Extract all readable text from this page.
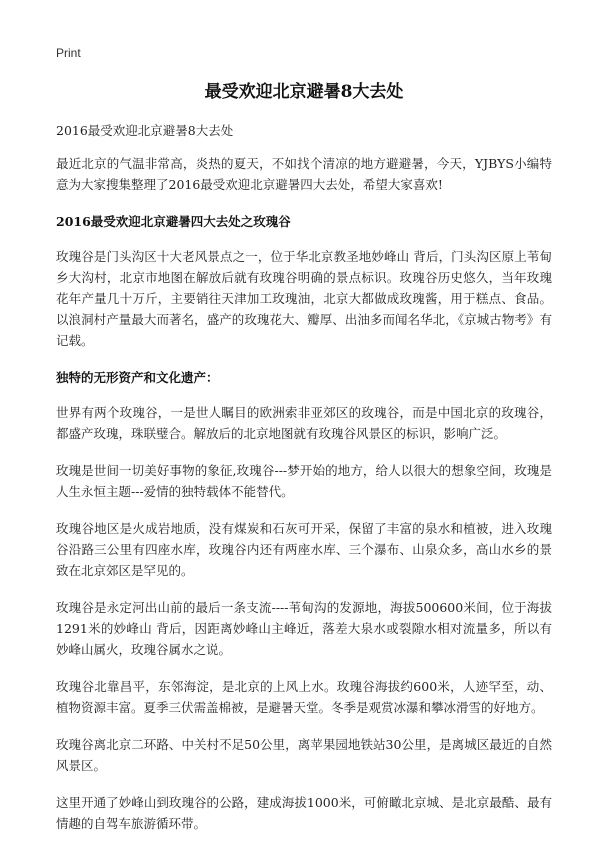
Print
最受欢迎北京避暑8大去处

2016最受欢迎北京避暑8大去处

最近北京的气温非常高，炎热的夏天，不如找个清凉的地方避避暑，今天，YJBYS小编特意为大家搜集整理了2016最受欢迎北京避暑四大去处，希望大家喜欢!

2016最受欢迎北京避暑四大去处之玫瑰谷

玫瑰谷是门头沟区十大老风景点之一，位于华北京教圣地妙峰山 背后，门头沟区原上苇甸乡大沟村，北京市地图在解放后就有玫瑰谷明确的景点标识。玫瑰谷历史悠久，当年玫瑰花年产量几十万斤，主要销往天津加工玫瑰油，北京大都做成玫瑰酱，用于糕点、食品。以浪洞村产量最大而著名，盛产的玫瑰花大、瓣厚、出油多而闻名华北，《京城古物考》有记载。

独特的无形资产和文化遗产：

世界有两个玫瑰谷，一是世人瞩目的欧洲索非亚郊区的玫瑰谷，而是中国北京的玫瑰谷，都盛产玫瑰，珠联璧合。解放后的北京地图就有玫瑰谷风景区的标识，影响广泛。

玫瑰是世间一切美好事物的象征,玫瑰谷---梦开始的地方，给人以很大的想象空间，玫瑰是人生永恒主题---爱情的独特载体不能替代。

玫瑰谷地区是火成岩地质，没有煤炭和石灰可开采，保留了丰富的泉水和植被，进入玫瑰谷沿路三公里有四座水库，玫瑰谷内还有两座水库、三个瀑布、山泉众多，高山水乡的景致在北京郊区是罕见的。

玫瑰谷是永定河出山前的最后一条支流----苇甸沟的发源地，海拔500600米间，位于海拔1291米的妙峰山 背后，因距离妙峰山主峰近，落差大泉水或裂隙水相对流量多，所以有妙峰山属火，玫瑰谷属水之说。

玫瑰谷北靠昌平，东邻海淀，是北京的上风上水。玫瑰谷海拔约600米，人迹罕至，动、植物资源丰富。夏季三伏需盖棉被，是避暑天堂。冬季是观赏冰瀑和攀冰滑雪的好地方。

玫瑰谷离北京二环路、中关村不足50公里，离苹果园地铁站30公里，是离城区最近的自然风景区。

这里开通了妙峰山到玫瑰谷的公路，建成海拔1000米，可俯瞰北京城、是北京最酷、最有情趣的自驾车旅游循环带。
